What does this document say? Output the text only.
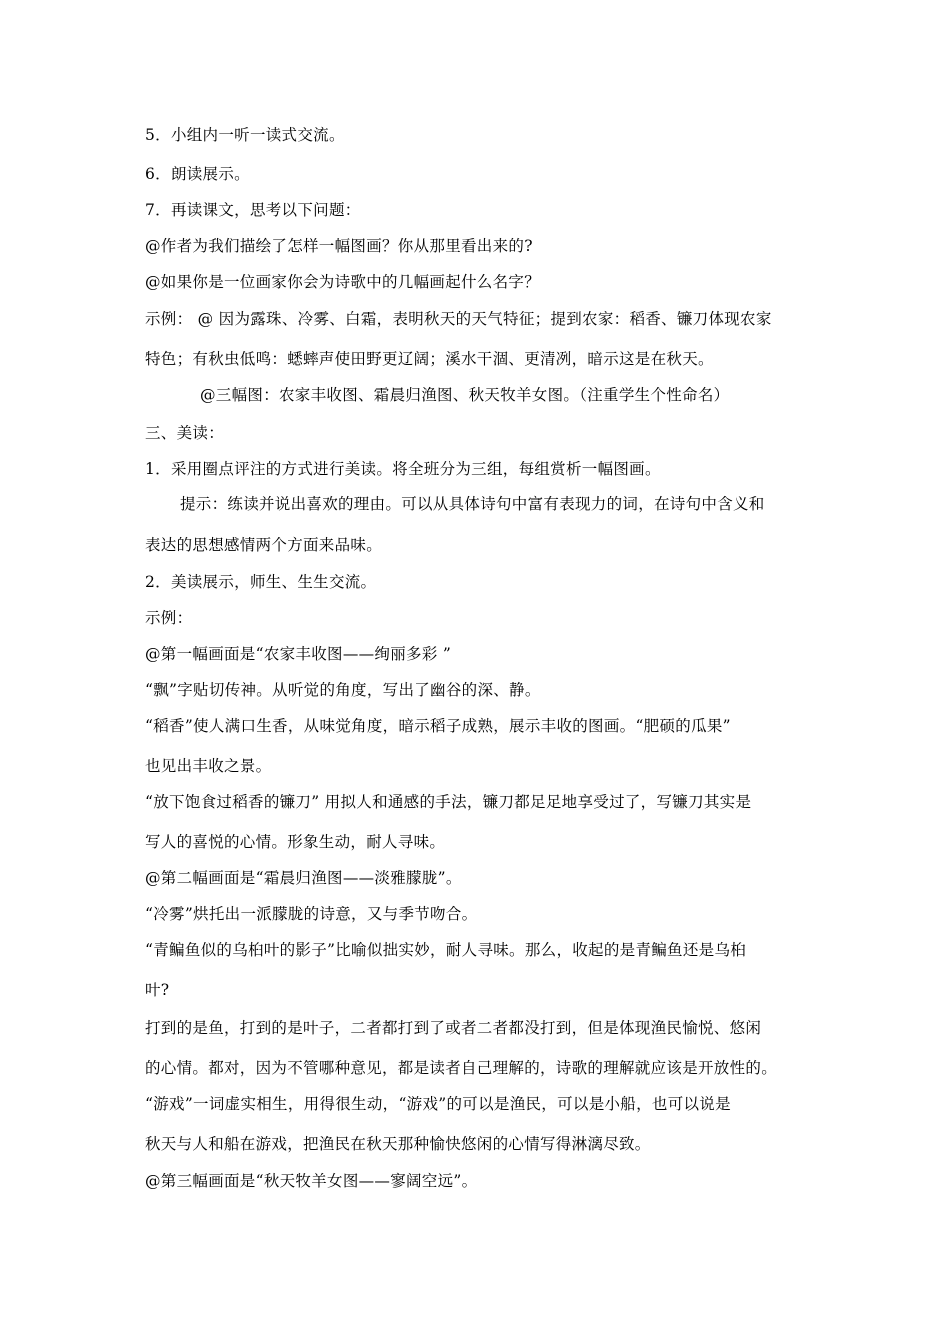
5．小组内一听一读式交流。
6．朗读展示。
7．再读课文，思考以下问题：
@作者为我们描绘了怎样一幅图画？你从那里看出来的?
@如果你是一位画家你会为诗歌中的几幅画起什么名字？
示例： @ 因为露珠、冷雾、白霜，表明秋天的天气特征；提到农家：稻香、镰刀体现农家
特色；有秋虫低鸣：蟋蟀声使田野更辽阔；溪水干涸、更清冽，暗示这是在秋天。
@三幅图：农家丰收图、霜晨归渔图、秋天牧羊女图。（注重学生个性命名）
三、美读：
1．采用圈点评注的方式进行美读。将全班分为三组，每组赏析一幅图画。
提示：练读并说出喜欢的理由。可以从具体诗句中富有表现力的词，在诗句中含义和
表达的思想感情两个方面来品味。
2．美读展示，师生、生生交流。
示例：
@第一幅画面是“农家丰收图——绚丽多彩 ”
“飘”字贴切传神。从听觉的角度，写出了幽谷的深、静。
“稻香”使人满口生香，从味觉角度，暗示稻子成熟，展示丰收的图画。“肥硕的瓜果”
也见出丰收之景。
“放下饱食过稻香的镰刀” 用拟人和通感的手法，镰刀都足足地享受过了，写镰刀其实是
写人的喜悦的心情。形象生动，耐人寻味。
@第二幅画面是“霜晨归渔图——淡雅朦胧”。
“冷雾”烘托出一派朦胧的诗意，又与季节吻合。
“青鳊鱼似的乌桕叶的影子”比喻似拙实妙，耐人寻味。那么，收起的是青鳊鱼还是乌桕
叶?
打到的是鱼，打到的是叶子，二者都打到了或者二者都没打到，但是体现渔民愉悦、悠闲
的心情。都对，因为不管哪种意见，都是读者自己理解的，诗歌的理解就应该是开放性的。
“游戏”一词虚实相生，用得很生动，“游戏”的可以是渔民，可以是小船，也可以说是
秋天与人和船在游戏，把渔民在秋天那种愉快悠闲的心情写得淋漓尽致。
@第三幅画面是“秋天牧羊女图——寥阔空远”。
